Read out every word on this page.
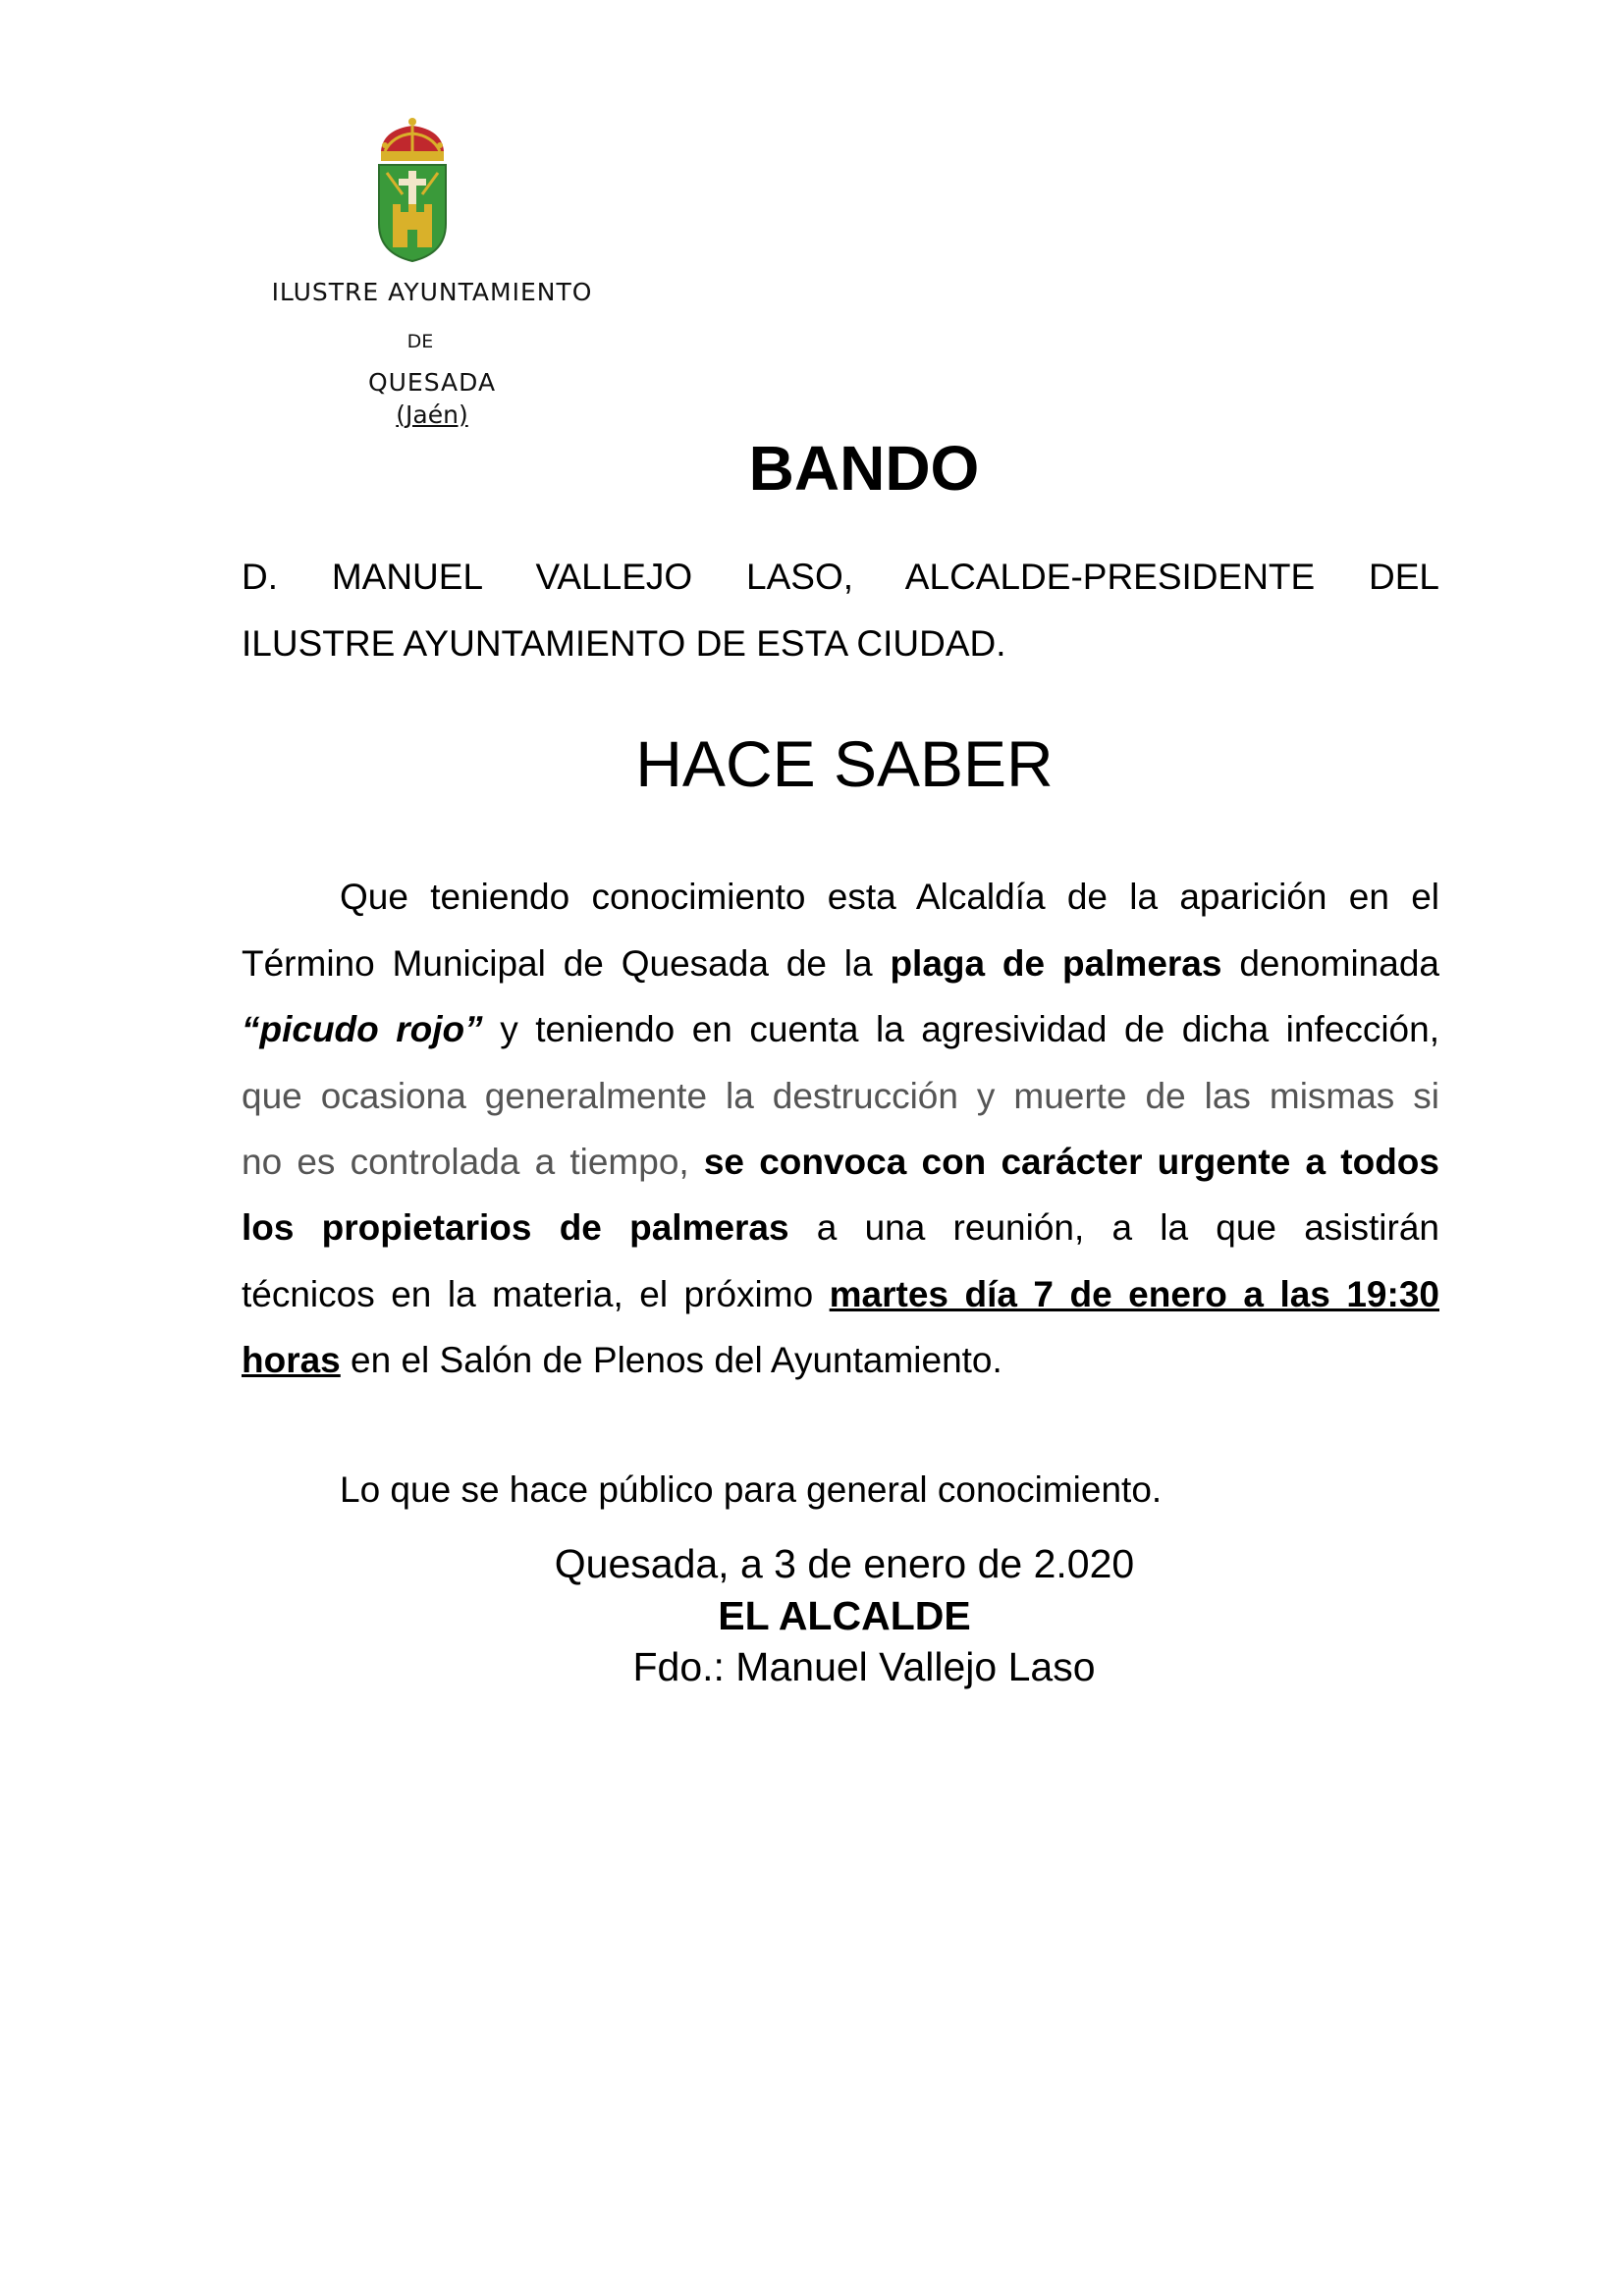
ILUSTRE AYUNTAMIENTO
DE
QUESADA
(Jaén)
BANDO
D. MANUEL VALLEJO LASO, ALCALDE-PRESIDENTE DEL
ILUSTRE AYUNTAMIENTO DE ESTA CIUDAD.
HACE SABER
Que teniendo conocimiento esta Alcaldía de la aparición en el
Término Municipal de Quesada de la plaga de palmeras denominada
“picudo rojo” y teniendo en cuenta la agresividad de dicha infección,
que ocasiona generalmente la destrucción y muerte de las mismas si
no es controlada a tiempo, se convoca con carácter urgente a todos
los propietarios de palmeras a una reunión, a la que asistirán
técnicos en la materia, el próximo martes día 7 de enero a las 19:30
horas en el Salón de Plenos del Ayuntamiento.
Lo que se hace público para general conocimiento.
Quesada, a 3 de enero de 2.020
EL ALCALDE
Fdo.: Manuel Vallejo Laso
